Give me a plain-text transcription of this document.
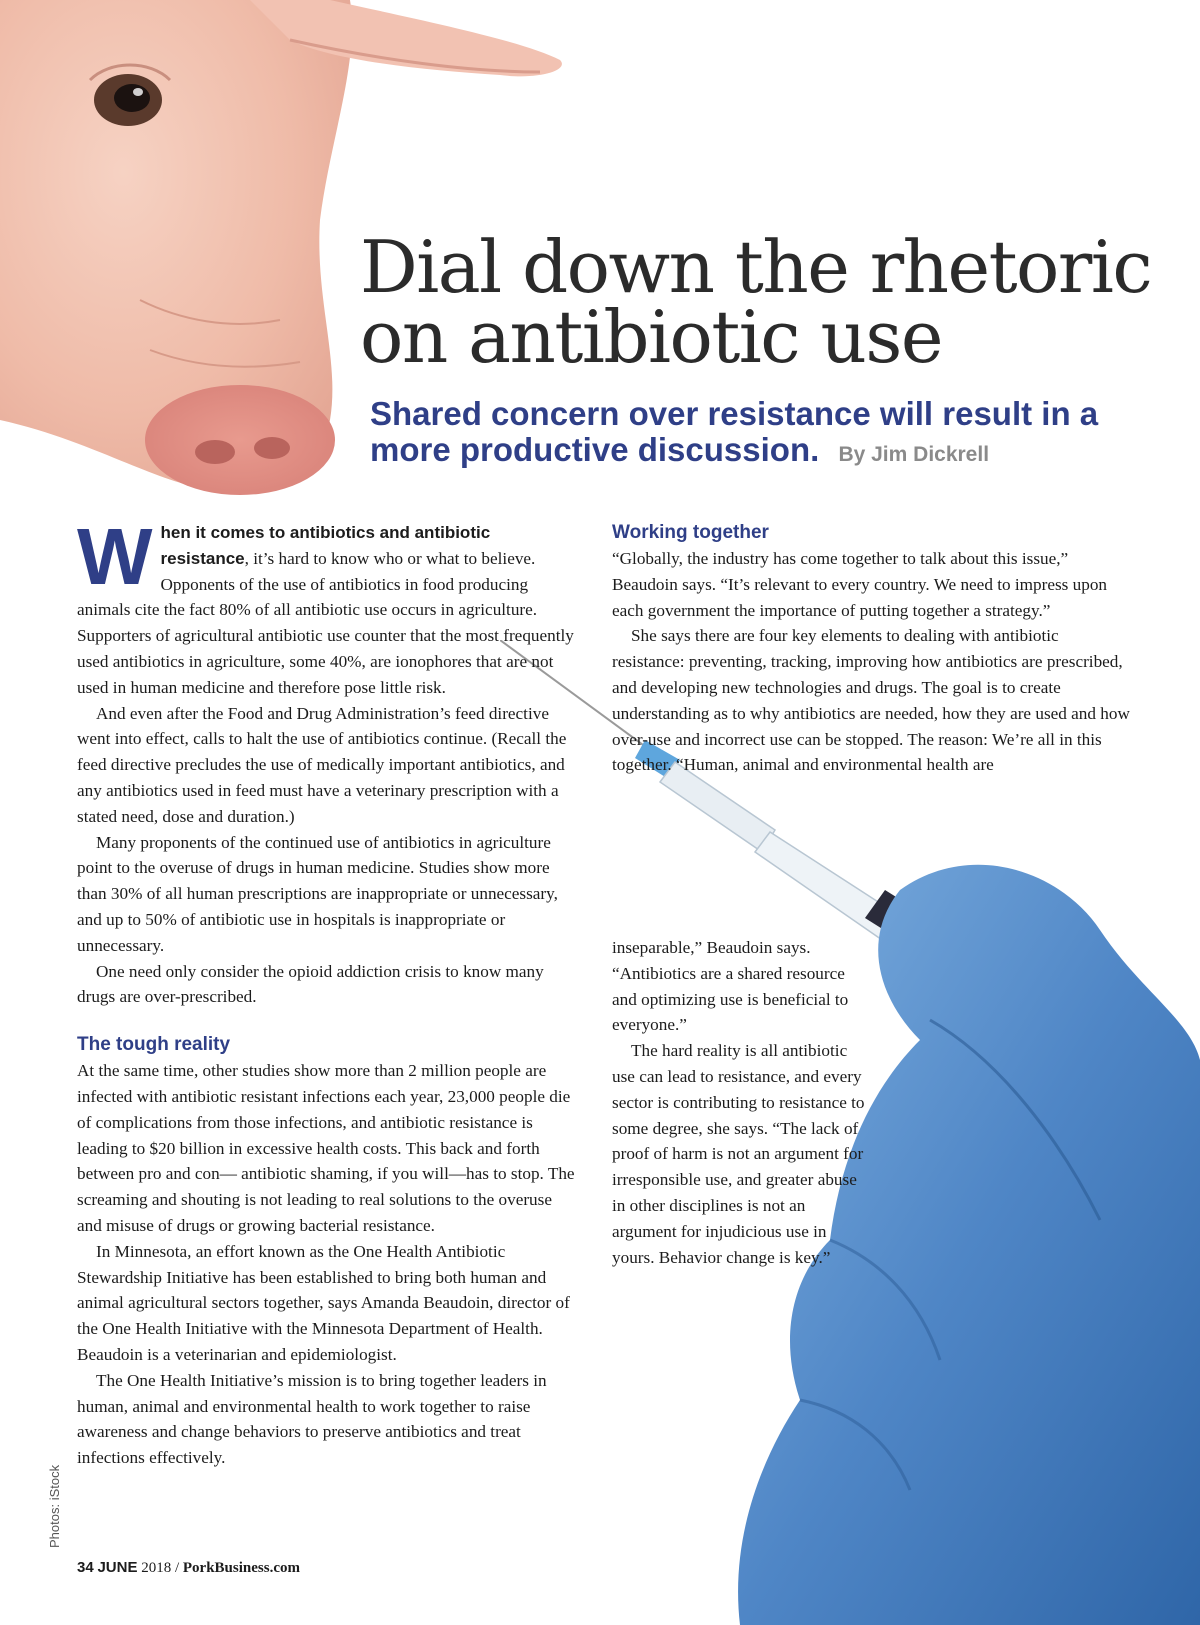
Dial down the rhetoric
on antibiotic use
Shared concern over resistance will result in a more productive discussion. By Jim Dickrell

When it comes to antibiotics and antibiotic resistance, it’s hard to know who or what to believe. Opponents of the use of antibiotics in food producing animals cite the fact 80% of all antibiotic use occurs in agriculture. Supporters of agricultural antibiotic use counter that the most frequently used antibiotics in agriculture, some 40%, are ionophores that are not used in human medicine and therefore pose little risk.

And even after the Food and Drug Administration’s feed directive went into effect, calls to halt the use of antibiotics continue. (Recall the feed directive precludes the use of medically important antibiotics, and any antibiotics used in feed must have a veterinary prescription with a stated need, dose and duration.)

Many proponents of the continued use of antibiotics in agriculture point to the overuse of drugs in human medicine. Studies show more than 30% of all human prescriptions are inappropriate or unnecessary, and up to 50% of antibiotic use in hospitals is inappropriate or unnecessary.

One need only consider the opioid addiction crisis to know many drugs are over-prescribed.

The tough reality

At the same time, other studies show more than 2 million people are infected with antibiotic resistant infections each year, 23,000 people die of complications from those infections, and antibiotic resistance is leading to $20 billion in excessive health costs. This back and forth between pro and con— antibiotic shaming, if you will—has to stop. The screaming and shouting is not leading to real solutions to the overuse and misuse of drugs or growing bacterial resistance.

In Minnesota, an effort known as the One Health Antibiotic Stewardship Initiative has been established to bring both human and animal agricultural sectors together, says Amanda Beaudoin, director of the One Health Initiative with the Minnesota Department of Health. Beaudoin is a veterinarian and epidemiologist.

The One Health Initiative’s mission is to bring together leaders in human, animal and environmental health to work together to raise awareness and change behaviors to preserve antibiotics and treat infections effectively.

Working together

“Globally, the industry has come together to talk about this issue,” Beaudoin says. “It’s relevant to every country. We need to impress upon each government the importance of putting together a strategy.”

She says there are four key elements to dealing with antibiotic resistance: preventing, tracking, improving how antibiotics are prescribed, and developing new technologies and drugs. The goal is to create understanding as to why antibiotics are needed, how they are used and how over-use and incorrect use can be stopped. The reason: We’re all in this together. “Human, animal and environmental health are

inseparable,” Beaudoin says. “Antibiotics are a shared resource and optimizing use is beneficial to everyone.”

The hard reality is all antibiotic use can lead to resistance, and every sector is contributing to resistance to some degree, she says. “The lack of proof of harm is not an argument for irresponsible use, and greater abuse in other disciplines is not an argument for injudicious use in yours. Behavior change is key.”

Photos: iStock
34 JUNE 2018 / PorkBusiness.com
